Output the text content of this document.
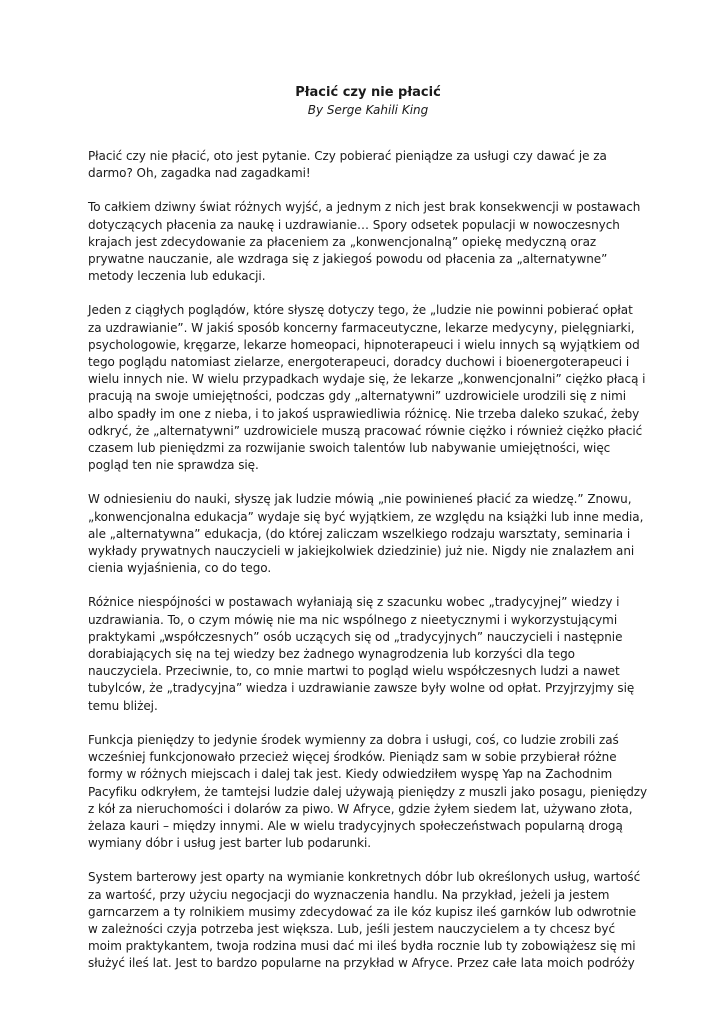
Płacić czy nie płacić

By Serge Kahili King

Płacić czy nie płacić, oto jest pytanie. Czy pobierać pieniądze za usługi czy dawać je za darmo? Oh, zagadka nad zagadkami!

To całkiem dziwny świat różnych wyjść, a jednym z nich jest brak konsekwencji w postawach dotyczących płacenia za naukę i uzdrawianie… Spory odsetek populacji w nowoczesnych krajach jest zdecydowanie za płaceniem za „konwencjonalną” opiekę medyczną oraz prywatne nauczanie, ale wzdraga się z jakiegoś powodu od płacenia za „alternatywne” metody leczenia lub edukacji.

Jeden z ciągłych poglądów, które słyszę dotyczy tego, że „ludzie nie powinni pobierać opłat za uzdrawianie”. W jakiś sposób koncerny farmaceutyczne, lekarze medycyny, pielęgniarki, psychologowie, kręgarze, lekarze homeopaci, hipnoterapeuci i wielu innych są wyjątkiem od tego poglądu natomiast zielarze, energoterapeuci, doradcy duchowi i bioenergoterapeuci i wielu innych nie. W wielu przypadkach wydaje się, że lekarze „konwencjonalni” ciężko płacą i pracują na swoje umiejętności, podczas gdy „alternatywni” uzdrowiciele urodzili się z nimi albo spadły im one z nieba, i to jakoś usprawiedliwia różnicę. Nie trzeba daleko szukać, żeby odkryć, że „alternatywni” uzdrowiciele muszą pracować równie ciężko i również ciężko płacić czasem lub pieniędzmi za rozwijanie swoich talentów lub nabywanie umiejętności, więc pogląd ten nie sprawdza się.

W odniesieniu do nauki, słyszę jak ludzie mówią „nie powinieneś płacić za wiedzę.” Znowu, „konwencjonalna edukacja” wydaje się być wyjątkiem, ze względu na książki lub inne media, ale „alternatywna” edukacja, (do której zaliczam wszelkiego rodzaju warsztaty, seminaria i wykłady prywatnych nauczycieli w jakiejkolwiek dziedzinie) już nie. Nigdy nie znalazłem ani cienia wyjaśnienia, co do tego.

Różnice niespójności w postawach wyłaniają się z szacunku wobec „tradycyjnej” wiedzy i uzdrawiania. To, o czym mówię nie ma nic wspólnego z nieetycznymi i wykorzystującymi praktykami „współczesnych” osób uczących się od „tradycyjnych” nauczycieli i następnie dorabiających się na tej wiedzy bez żadnego wynagrodzenia lub korzyści dla tego nauczyciela. Przeciwnie, to, co mnie martwi to pogląd wielu współczesnych ludzi a nawet tubylców, że „tradycyjna” wiedza i uzdrawianie zawsze były wolne od opłat. Przyjrzyjmy się temu bliżej.

Funkcja pieniędzy to jedynie środek wymienny za dobra i usługi, coś, co ludzie zrobili zaś wcześniej funkcjonowało przecież więcej środków. Pieniądz sam w sobie przybierał różne formy w różnych miejscach i dalej tak jest. Kiedy odwiedziłem wyspę Yap na Zachodnim Pacyfiku odkryłem, że tamtejsi ludzie dalej używają pieniędzy z muszli jako posagu, pieniędzy z kół za nieruchomości i dolarów za piwo. W Afryce, gdzie żyłem siedem lat, używano złota, żelaza kauri – między innymi. Ale w wielu tradycyjnych społeczeństwach popularną drogą wymiany dóbr i usług jest barter lub podarunki.

System barterowy jest oparty na wymianie konkretnych dóbr lub określonych usług, wartość za wartość, przy użyciu negocjacji do wyznaczenia handlu. Na przykład, jeżeli ja jestem garncarzem a ty rolnikiem musimy zdecydować za ile kóz kupisz ileś garnków lub odwrotnie w zależności czyja potrzeba jest większa. Lub, jeśli jestem nauczycielem a ty chcesz być moim praktykantem, twoja rodzina musi dać mi ileś bydła rocznie lub ty zobowiążesz się mi służyć ileś lat. Jest to bardzo popularne na przykład w Afryce. Przez całe lata moich podróży
